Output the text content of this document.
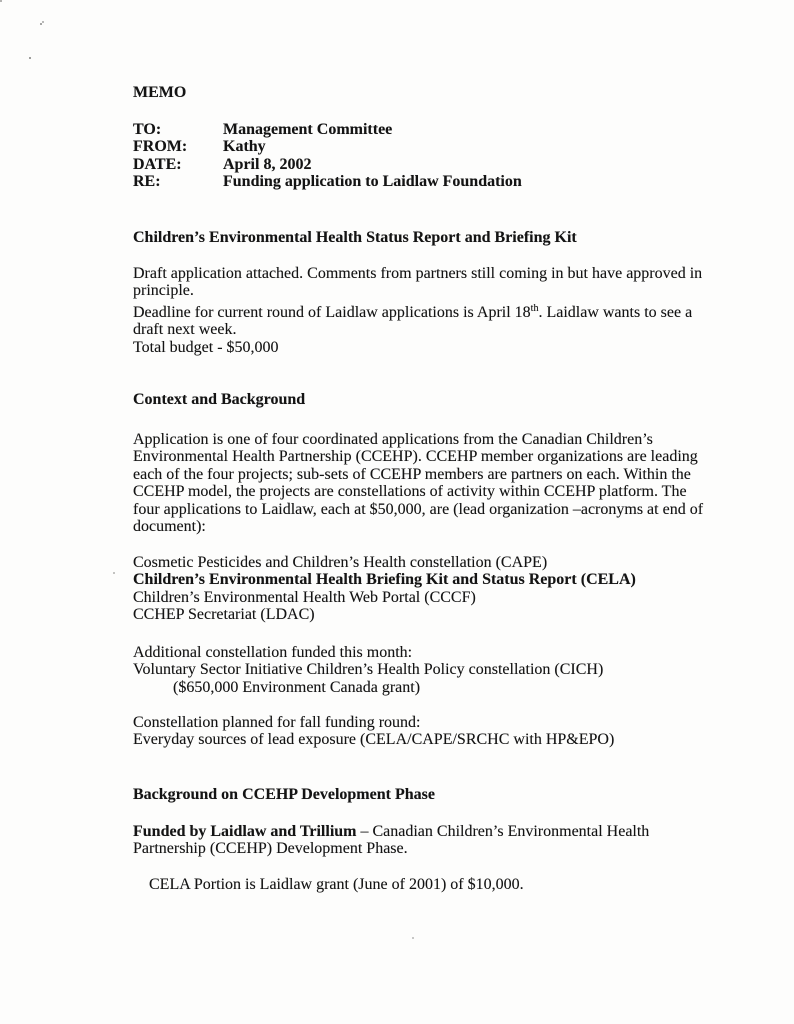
MEMO
TO:	Management Committee
FROM:	Kathy
DATE:	April 8, 2002
RE:	Funding application to Laidlaw Foundation
Children’s Environmental Health Status Report and Briefing Kit
Draft application attached. Comments from partners still coming in but have approved in
principle.
Deadline for current round of Laidlaw applications is April 18th. Laidlaw wants to see a
draft next week.
Total budget - $50,000
Context and Background
Application is one of four coordinated applications from the Canadian Children’s
Environmental Health Partnership (CCEHP). CCEHP member organizations are leading
each of the four projects; sub-sets of CCEHP members are partners on each. Within the
CCEHP model, the projects are constellations of activity within CCEHP platform. The
four applications to Laidlaw, each at $50,000, are (lead organization –acronyms at end of
document):
Cosmetic Pesticides and Children’s Health constellation (CAPE)
Children’s Environmental Health Briefing Kit and Status Report (CELA)
Children’s Environmental Health Web Portal (CCCF)
CCHEP Secretariat (LDAC)
Additional constellation funded this month:
Voluntary Sector Initiative Children’s Health Policy constellation (CICH)
($650,000 Environment Canada grant)
Constellation planned for fall funding round:
Everyday sources of lead exposure (CELA/CAPE/SRCHC with HP&EPO)
Background on CCEHP Development Phase
Funded by Laidlaw and Trillium – Canadian Children’s Environmental Health
Partnership (CCEHP) Development Phase.
CELA Portion is Laidlaw grant (June of 2001) of $10,000.
